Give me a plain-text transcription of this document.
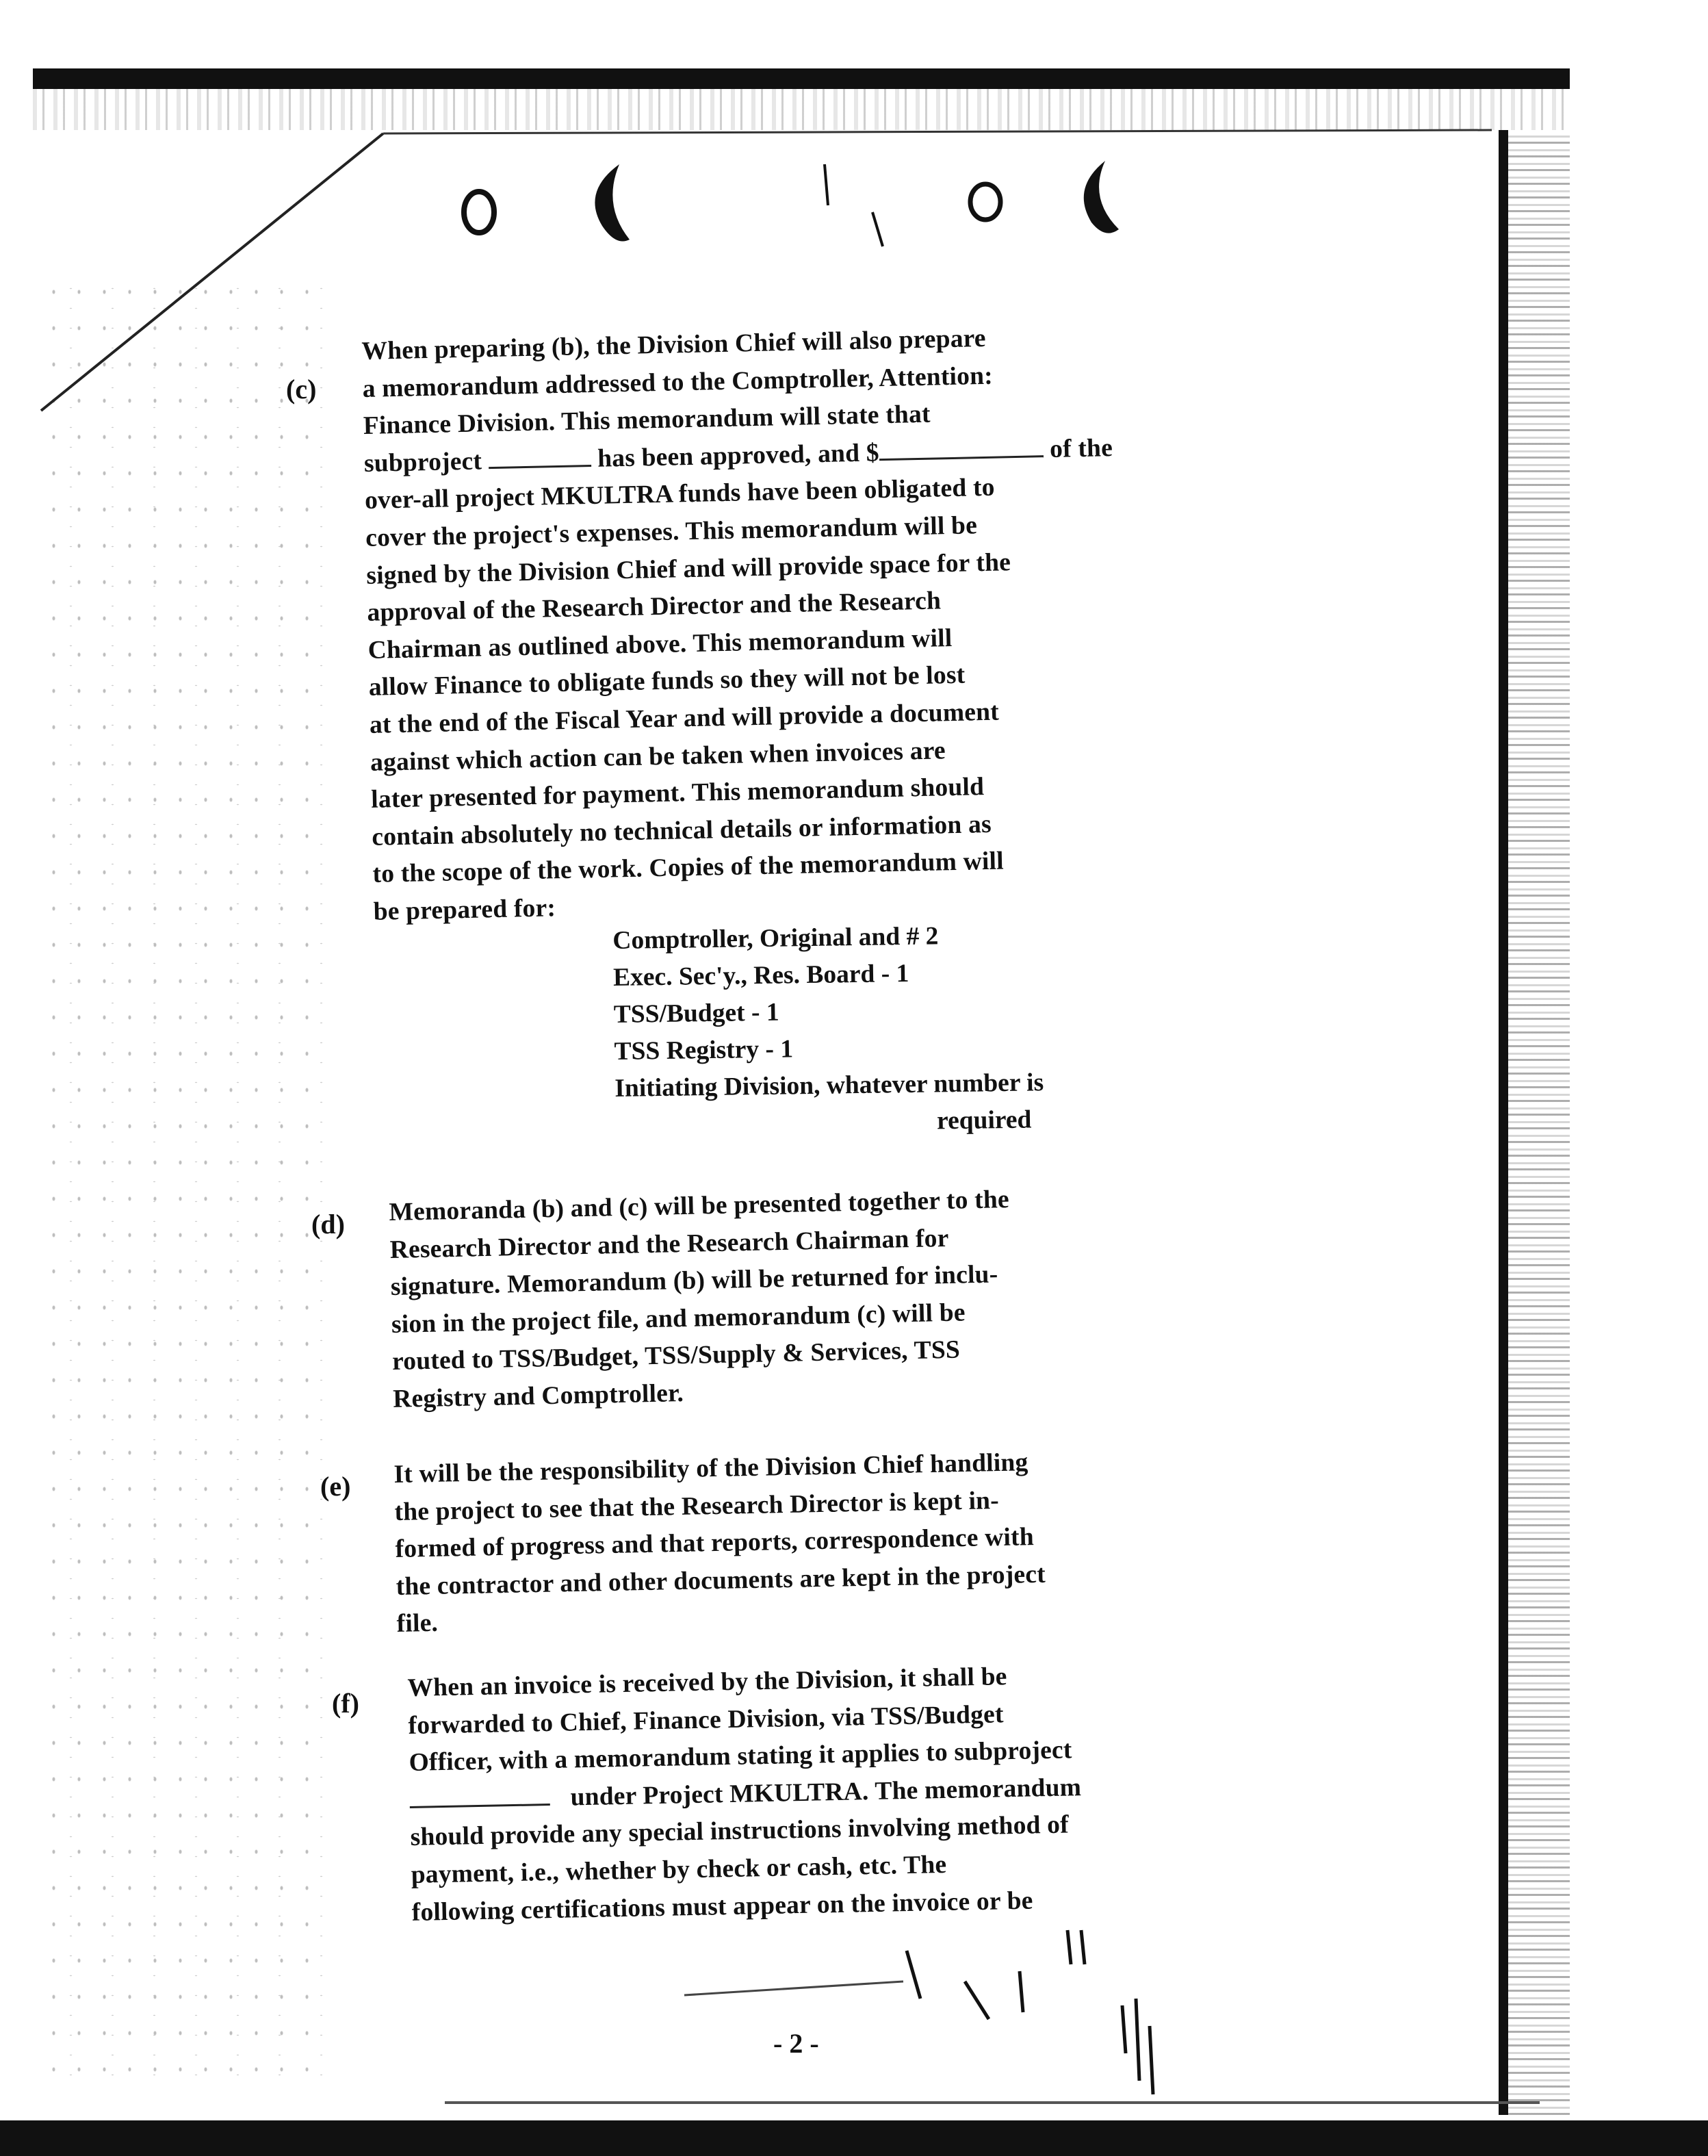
(c)
When preparing (b), the Division Chief will also prepare
a memorandum addressed to the Comptroller, Attention:
Finance Division. This memorandum will state that
subproject	has been approved, and $	of the
over-all project MKULTRA funds have been obligated to
cover the project's expenses. This memorandum will be
signed by the Division Chief and will provide space for the
approval of the Research Director and the Research
Chairman as outlined above. This memorandum will
allow Finance to obligate funds so they will not be lost
at the end of the Fiscal Year and will provide a document
against which action can be taken when invoices are
later presented for payment. This memorandum should
contain absolutely no technical details or information as
to the scope of the work. Copies of the memorandum will
be prepared for:
Comptroller, Original and # 2
Exec. Sec'y., Res. Board - 1
TSS/Budget - 1
TSS Registry - 1
Initiating Division, whatever number is
required
(d) Memoranda (b) and (c) will be presented together to the
Research Director and the Research Chairman for
signature. Memorandum (b) will be returned for inclu-
sion in the project file, and memorandum (c) will be
routed to TSS/Budget, TSS/Supply & Services, TSS
Registry and Comptroller.
(e) It will be the responsibility of the Division Chief handling
the project to see that the Research Director is kept in-
formed of progress and that reports, correspondence with
the contractor and other documents are kept in the project
file.
(f)
When an invoice is received by the Division, it shall be
forwarded to Chief, Finance Division, via TSS/Budget
Officer, with a memorandum stating it applies to subproject
under Project MKULTRA. The memorandum
should provide any special instructions involving method of
payment, i.e., whether by check or cash, etc. The
following certifications must appear on the invoice or be
- 2 -
